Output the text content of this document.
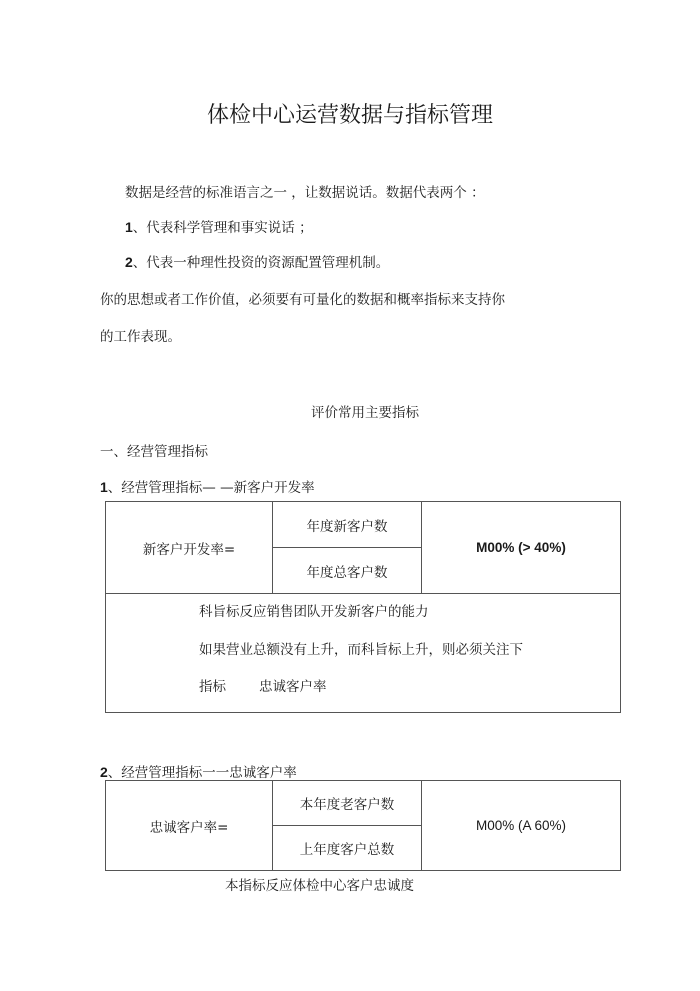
体检中心运营数据与指标管理
数据是经营的标准语言之一 ，让数据说话。数据代表两个 ：
1、代表科学管理和事实说话 ；
2、代表一种理性投资的资源配置管理机制。
你的思想或者工作价值，必须要有可量化的数据和概率指标来支持你
的工作表现。
评价常用主要指标
一、经营管理指标
1、经营管理指标— —新客户开发率
新客户开发率=	年度新客户数	M00% (> 40%)
年度总客户数

科旨标反应销售团队开发新客户的能力
如果营业总额没有上升，而科旨标上升，则必须关注下
指标 忠诚客户率
2、经营管理指标一一忠诚客户率
忠诚客户率=	本年度老客户数	M00% (A 60%)
上年度客户总数
本指标反应体检中心客户忠诚度
